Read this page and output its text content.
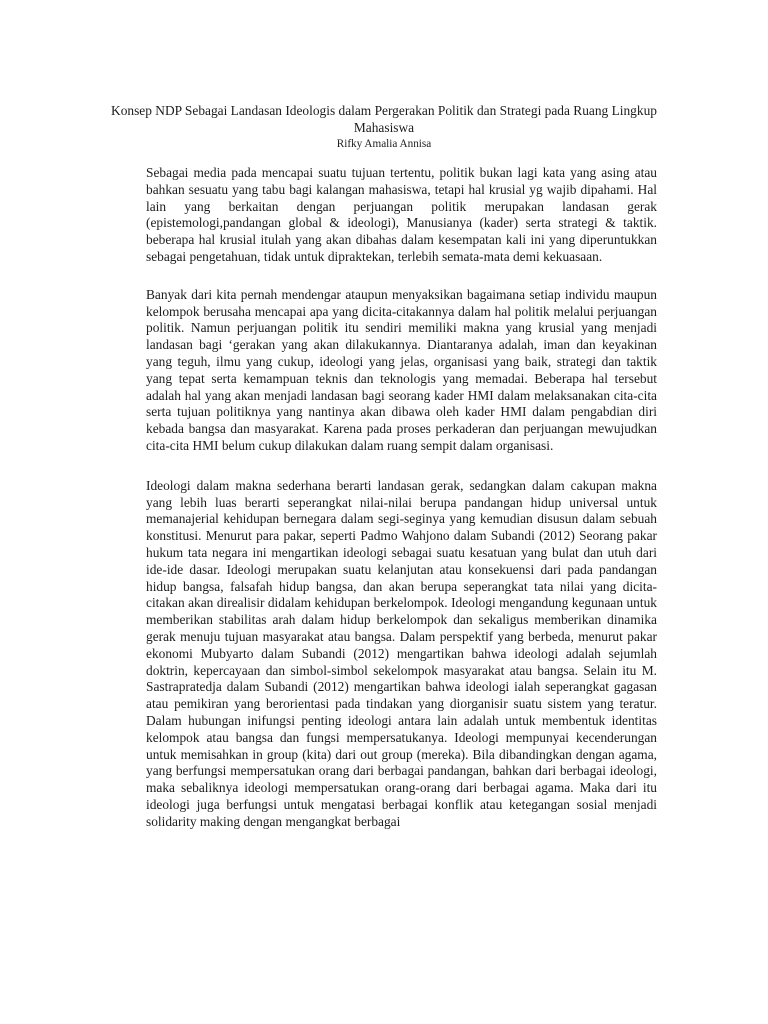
Konsep NDP Sebagai Landasan Ideologis dalam Pergerakan Politik dan Strategi pada Ruang Lingkup Mahasiswa
Rifky Amalia Annisa

Sebagai media pada mencapai suatu tujuan tertentu, politik bukan lagi kata yang asing atau bahkan sesuatu yang tabu bagi kalangan mahasiswa, tetapi hal krusial yg wajib dipahami. Hal lain yang berkaitan dengan perjuangan politik merupakan landasan gerak (epistemologi,pandangan global & ideologi), Manusianya (kader) serta strategi & taktik. beberapa hal krusial itulah yang akan dibahas dalam kesempatan kali ini yang diperuntukkan sebagai pengetahuan, tidak untuk dipraktekan, terlebih semata-mata demi kekuasaan.

Banyak dari kita pernah mendengar ataupun menyaksikan bagaimana setiap individu maupun kelompok berusaha mencapai apa yang dicita-citakannya dalam hal politik melalui perjuangan politik. Namun perjuangan politik itu sendiri memiliki makna yang krusial yang menjadi landasan bagi ‘gerakan yang akan dilakukannya. Diantaranya adalah, iman dan keyakinan yang teguh, ilmu yang cukup, ideologi yang jelas, organisasi yang baik, strategi dan taktik yang tepat serta kemampuan teknis dan teknologis yang memadai. Beberapa hal tersebut adalah hal yang akan menjadi landasan bagi seorang kader HMI dalam melaksanakan cita-cita serta tujuan politiknya yang nantinya akan dibawa oleh kader HMI dalam pengabdian diri kebada bangsa dan masyarakat. Karena pada proses perkaderan dan perjuangan mewujudkan cita-cita HMI belum cukup dilakukan dalam ruang sempit dalam organisasi.

Ideologi dalam makna sederhana berarti landasan gerak, sedangkan dalam cakupan makna yang lebih luas berarti seperangkat nilai-nilai berupa pandangan hidup universal untuk memanajerial kehidupan bernegara dalam segi-seginya yang kemudian disusun dalam sebuah konstitusi. Menurut para pakar, seperti Padmo Wahjono dalam Subandi (2012) Seorang pakar hukum tata negara ini mengartikan ideologi sebagai suatu kesatuan yang bulat dan utuh dari ide-ide dasar. Ideologi merupakan suatu kelanjutan atau konsekuensi dari pada pandangan hidup bangsa, falsafah hidup bangsa, dan akan berupa seperangkat tata nilai yang dicita-citakan akan direalisir didalam kehidupan berkelompok. Ideologi mengandung kegunaan untuk memberikan stabilitas arah dalam hidup berkelompok dan sekaligus memberikan dinamika gerak menuju tujuan masyarakat atau bangsa. Dalam perspektif yang berbeda, menurut pakar ekonomi Mubyarto dalam Subandi (2012) mengartikan bahwa ideologi adalah sejumlah doktrin, kepercayaan dan simbol-simbol sekelompok masyarakat atau bangsa. Selain itu M. Sastrapratedja dalam Subandi (2012) mengartikan bahwa ideologi ialah seperangkat gagasan atau pemikiran yang berorientasi pada tindakan yang diorganisir suatu sistem yang teratur. Dalam hubungan inifungsi penting ideologi antara lain adalah untuk membentuk identitas kelompok atau bangsa dan fungsi mempersatukanya. Ideologi mempunyai kecenderungan untuk memisahkan in group (kita) dari out group (mereka). Bila dibandingkan dengan agama, yang berfungsi mempersatukan orang dari berbagai pandangan, bahkan dari berbagai ideologi, maka sebaliknya ideologi mempersatukan orang-orang dari berbagai agama. Maka dari itu ideologi juga berfungsi untuk mengatasi berbagai konflik atau ketegangan sosial menjadi solidarity making dengan mengangkat berbagai
